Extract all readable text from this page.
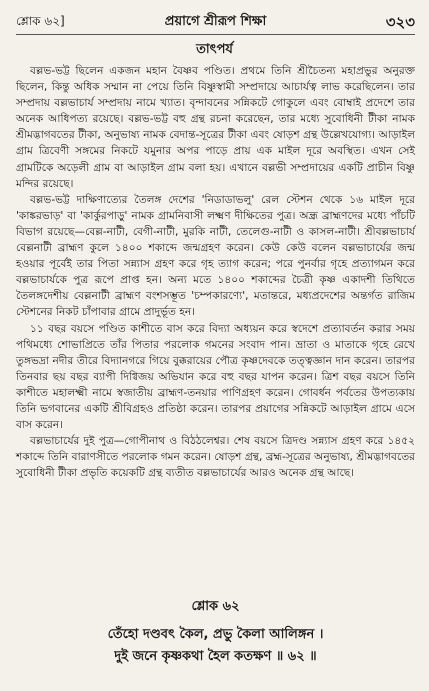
শ্লোক ৬২]	প্রয়াগে শ্রীরূপ শিক্ষা	৩২৩
তাৎপর্য

বল্লভ-ভট্ট ছিলেন একজন মহান বৈষ্ণব পণ্ডিত। প্রথমে তিনি শ্রীচৈতন্য মহাপ্রভুর অনুরক্ত ছিলেন, কিন্তু অধিক সম্মান না পেয়ে তিনি বিষ্ণুস্বামী সম্প্রদায়ে আচার্যত্ব লাভ করেছিলেন। তার সম্প্রদায় বল্লভাচার্য সম্প্রদায় নামে খ্যাত। বৃন্দাবনের সন্নিকটে গোকুলে এবং বোম্বাই প্রদেশে তার অনেক আধিপত্য রয়েছে। বল্লভ-ভট্ট বহু গ্রন্থ রচনা করেছেন, তার মধ্যে সুবোধিনী টীকা নামক শ্রীমদ্ভাগবতের টীকা, অনুভাষ্য নামক বেদান্ত-সূত্রের টীকা এবং ষোড়শ গ্রন্থ উল্লেখযোগ্য। আড়াইল গ্রাম ত্রিবেণী সঙ্গমের নিকটে যমুনার অপর পাড়ে প্রায় এক মাইল দূরে অবস্থিত। এখন সেই গ্রামটিকে অড়েলী গ্রাম বা আড়াইল গ্রাম বলা হয়। এখানে বল্লভী সম্প্রদায়ের একটি প্রাচীন বিষ্ণু মন্দির রয়েছে।

বল্লভ-ভট্ট দাক্ষিণাত্যের তৈলঙ্গ দেশের 'নিডাডাভলু' রেল স্টেশন থেকে ১৬ মাইল দূরে 'কাঙ্করভাড়' বা 'কার্কুরপাড়ু' নামক গ্রামনিবাসী লক্ষ্মণ দীক্ষিতের পুত্র। অন্ধ্র ব্রাহ্মণদের মধ্যে পাঁচটি বিভাগ রয়েছে—বেল্ল-নাটী, বেগী-নাটী, মুরকি নাটী, তেলেগু-নাটী ও কাসল-নাটী। শ্রীবল্লভাচার্য বেল্লনাটী ব্রাহ্মণ কুলে ১৪০০ শকাব্দে জন্মগ্রহণ করেন। কেউ কেউ বলেন বল্লভাচার্যের জন্ম হওয়ার পূর্বেই তার পিতা সন্ন্যাস গ্রহণ করে গৃহ ত্যাগ করেন; পরে পুনর্বার গৃহে প্রত্যাগমন করে বল্লভাচার্যকে পুত্র রূপে প্রাপ্ত হন। অন্য মতে ১৪০০ শকাব্দের চৈত্রী কৃষ্ণ একাদশী তিথিতে তৈলঙ্গদেশীয় বেল্লনাটী ব্রাহ্মণ বংশসম্ভূত 'চম্পকারণ্যে', মতান্তরে, মধ্যপ্রদেশের অন্তর্গত রাজিম স্টেশনের নিকট চাঁপাবার গ্রামে প্রাদুর্ভূত হন।

১১ বছর বয়সে পণ্ডিত কাশীতে বাস করে বিদ্যা অধ্যয়ন করে স্বদেশে প্রত্যাবর্তন করার সময় পথিমধ্যে শোভাপ্রিতে তাঁর পিতার পরলোক গমনের সংবাদ পান। ভ্রাতা ও মাতাকে গৃহে রেখে তুঙ্গভদ্রা নদীর তীরে বিদ্যানগরে গিয়ে বুক্করায়ের পৌত্র কৃষ্ণদেবকে তত্ত্বজ্ঞান দান করেন। তারপর তিনবার ছয় বছর ব্যাপী দিগ্বিজয় অভিযান করে বহু বছর যাপন করেন। ত্রিশ বছর বয়সে তিনি কাশীতে মহালক্ষ্মী নামে স্বজাতীয় ব্রাহ্মণ-তনয়ার পাণিগ্রহণ করেন। গোবর্ধন পর্বতের উপত্যকায় তিনি ভগবানের একটি শ্রীবিগ্রহও প্রতিষ্ঠা করেন। তারপর প্রয়াগের সন্নিকটে আড়াইল গ্রামে এসে বাস করেন।

বল্লভাচার্যের দুই পুত্র—গোপীনাথ ও বিঠঠলেশ্বর। শেষ বয়সে ত্রিদণ্ড সন্ন্যাস গ্রহণ করে ১৪৫২ শকাব্দে তিনি বারাণসীতে পরলোক গমন করেন। ষোড়শ গ্রন্থ, ব্রহ্ম-সূত্রের অনুভাষ্য, শ্রীমদ্ভাগবতের সুবোধিনী টীকা প্রভৃতি কয়েকটি গ্রন্থ ব্যতীত বল্লভাচার্যের আরও অনেক গ্রন্থ আছে।

শ্লোক ৬২
তেঁহো দণ্ডবৎ কৈল, প্রভু কৈলা আলিঙ্গন ।
দুই জনে কৃষ্ণকথা হৈল কতক্ষণ ॥ ৬২ ॥
